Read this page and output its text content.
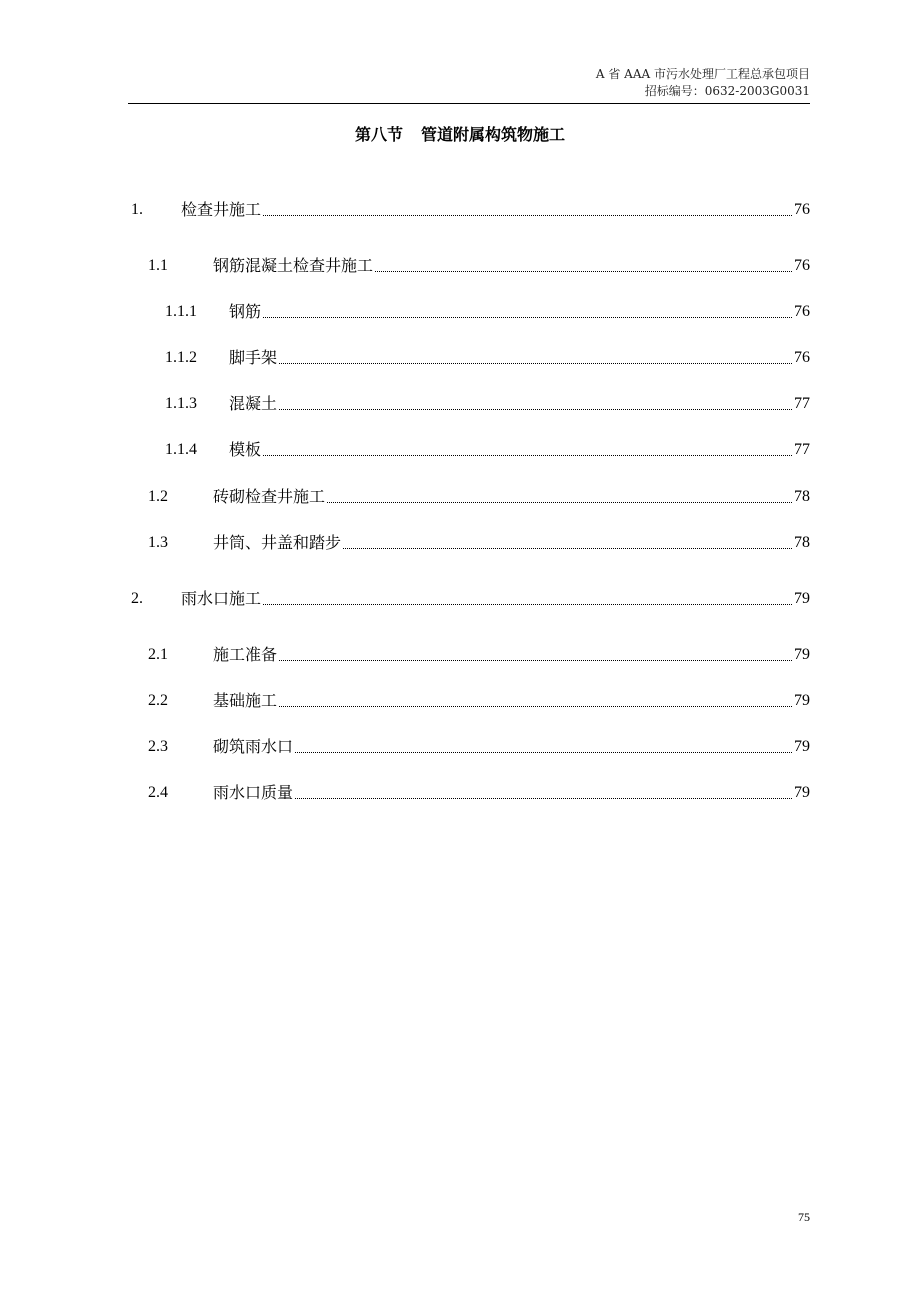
A 省 AAA 市污水处理厂工程总承包项目
招标编号：0632-2003G0031
第八节 管道附属构筑物施工
1.	检查井施工	76
1.1	钢筋混凝土检查井施工	76
1.1.1	钢筋	76
1.1.2	脚手架	76
1.1.3	混凝土	77
1.1.4	模板	77
1.2	砖砌检查井施工	78
1.3	井筒、井盖和踏步	78
2.	雨水口施工	79
2.1	施工准备	79
2.2	基础施工	79
2.3	砌筑雨水口	79
2.4	雨水口质量	79
75
